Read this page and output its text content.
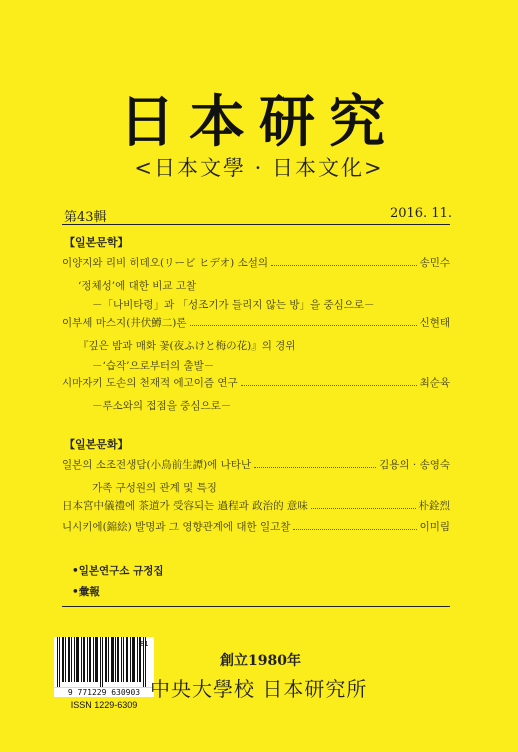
日本研究
<日本文學 · 日本文化>
第43輯	2016. 11.
【일본문학】
이양지와 리비 히데오(リービ ヒデオ) 소설의	송민수
‘정체성’에 대한 비교 고찰
－「나비타령」과 「성조기가 들리지 않는 방」을 중심으로－
이부세 마스지(井伏鱒二)론	신현태
『깊은 밤과 매화 꽃(夜ふけと梅の花)』의 경위
－‘습작’으로부터의 출발－
시마자키 도손의 천재적 에고이즘 연구	최순육
－루소와의 접점을 중심으로－
【일본문화】
일본의 소조전생담(小鳥前生譚)에 나타난	김용의 · 송영숙
가족 구성원의 관계 및 특징
日本宮中儀禮에 茶道가 受容되는 過程과 政治的 意味	朴銓烈
니시키에(錦絵) 발명과 그 영향관계에 대한 일고찰	이미림
•일본연구소 규정집
•彙報
81
9 771229 630903
ISSN 1229-6309
創立1980年
中央大學校 日本研究所
